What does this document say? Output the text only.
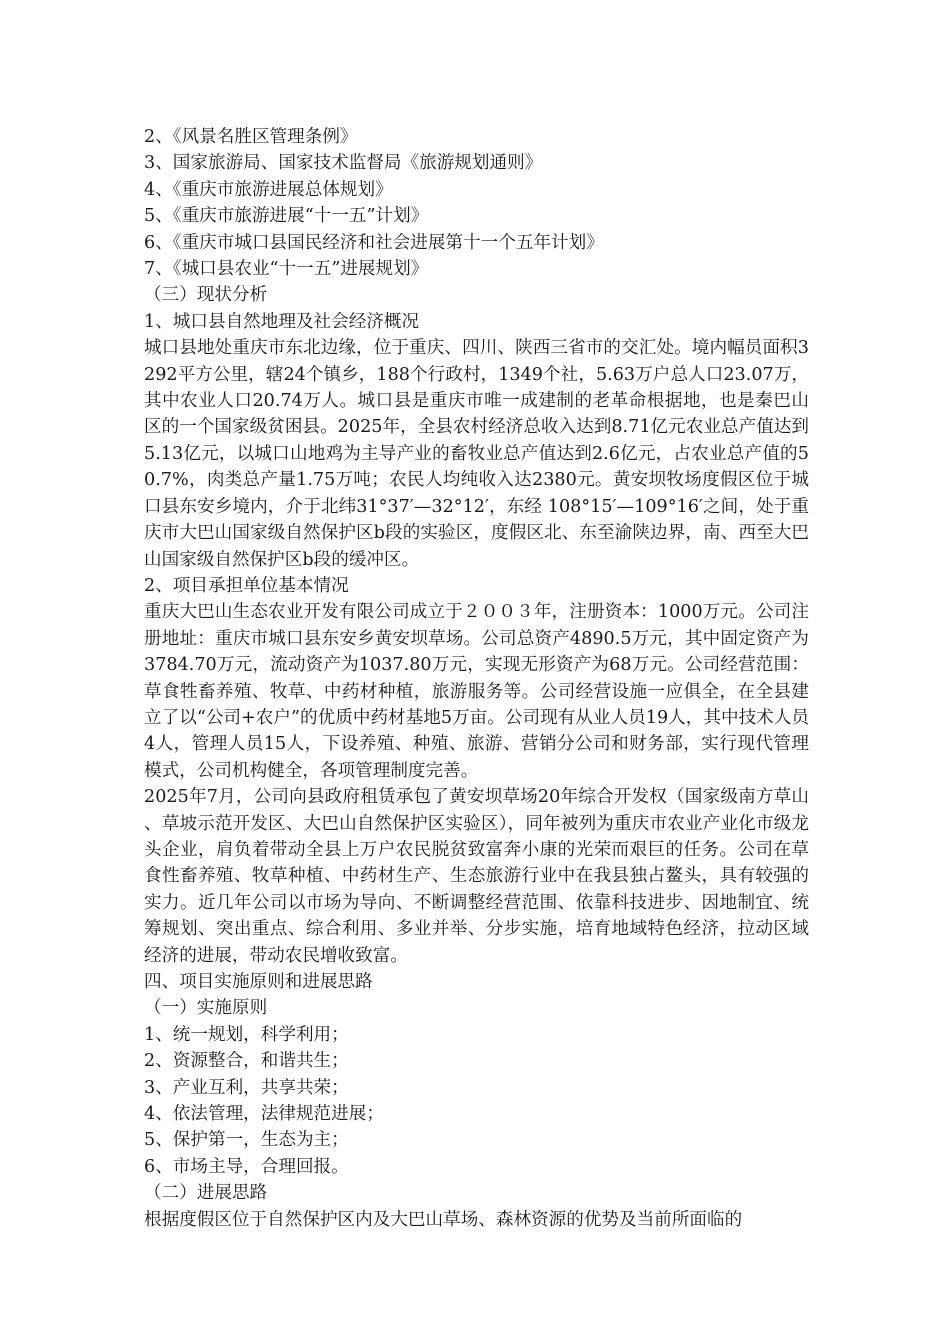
2、《风景名胜区管理条例》

3、国家旅游局、国家技术监督局《旅游规划通则》

4、《重庆市旅游进展总体规划》

5、《重庆市旅游进展“十一五”计划》

6、《重庆市城口县国民经济和社会进展第十一个五年计划》

7、《城口县农业“十一五”进展规划》

（三）现状分析

1、城口县自然地理及社会经济概况

城口县地处重庆市东北边缘，位于重庆、四川、陕西三省市的交汇处。境内幅员面积3292平方公里，辖24个镇乡，188个行政村，1349个社，5.63万户总人口23.07万，其中农业人口20.74万人。城口县是重庆市唯一成建制的老革命根据地，也是秦巴山区的一个国家级贫困县。2025年，全县农村经济总收入达到8.71亿元农业总产值达到5.13亿元，以城口山地鸡为主导产业的畜牧业总产值达到2.6亿元，占农业总产值的50.7%，肉类总产量1.75万吨；农民人均纯收入达2380元。黄安坝牧场度假区位于城口县东安乡境内，介于北纬31°37′—32°12′，东经 108°15′—109°16′之间，处于重庆市大巴山国家级自然保护区b段的实验区，度假区北、东至渝陕边界，南、西至大巴山国家级自然保护区b段的缓冲区。

2、项目承担单位基本情况

重庆大巴山生态农业开发有限公司成立于２００３年，注册资本：1000万元。公司注册地址：重庆市城口县东安乡黄安坝草场。公司总资产4890.5万元，其中固定资产为3784.70万元，流动资产为1037.80万元，实现无形资产为68万元。公司经营范围：草食牲畜养殖、牧草、中药材种植，旅游服务等。公司经营设施一应俱全，在全县建立了以“公司+农户”的优质中药材基地5万亩。公司现有从业人员19人，其中技术人员4人，管理人员15人，下设养殖、种殖、旅游、营销分公司和财务部，实行现代管理模式，公司机构健全，各项管理制度完善。

2025年7月，公司向县政府租赁承包了黄安坝草场20年综合开发权（国家级南方草山、草坡示范开发区、大巴山自然保护区实验区），同年被列为重庆市农业产业化市级龙头企业，肩负着带动全县上万户农民脱贫致富奔小康的光荣而艰巨的任务。公司在草食性畜养殖、牧草种植、中药材生产、生态旅游行业中在我县独占鳌头，具有较强的实力。近几年公司以市场为导向、不断调整经营范围、依靠科技进步、因地制宜、统筹规划、突出重点、综合利用、多业并举、分步实施，培育地域特色经济，拉动区域经济的进展，带动农民增收致富。

四、项目实施原则和进展思路

（一）实施原则

1、统一规划，科学利用；

2、资源整合，和谐共生；

3、产业互利，共享共荣；

4、依法管理，法律规范进展；

5、保护第一，生态为主；

6、市场主导，合理回报。

（二）进展思路

根据度假区位于自然保护区内及大巴山草场、森林资源的优势及当前所面临的
